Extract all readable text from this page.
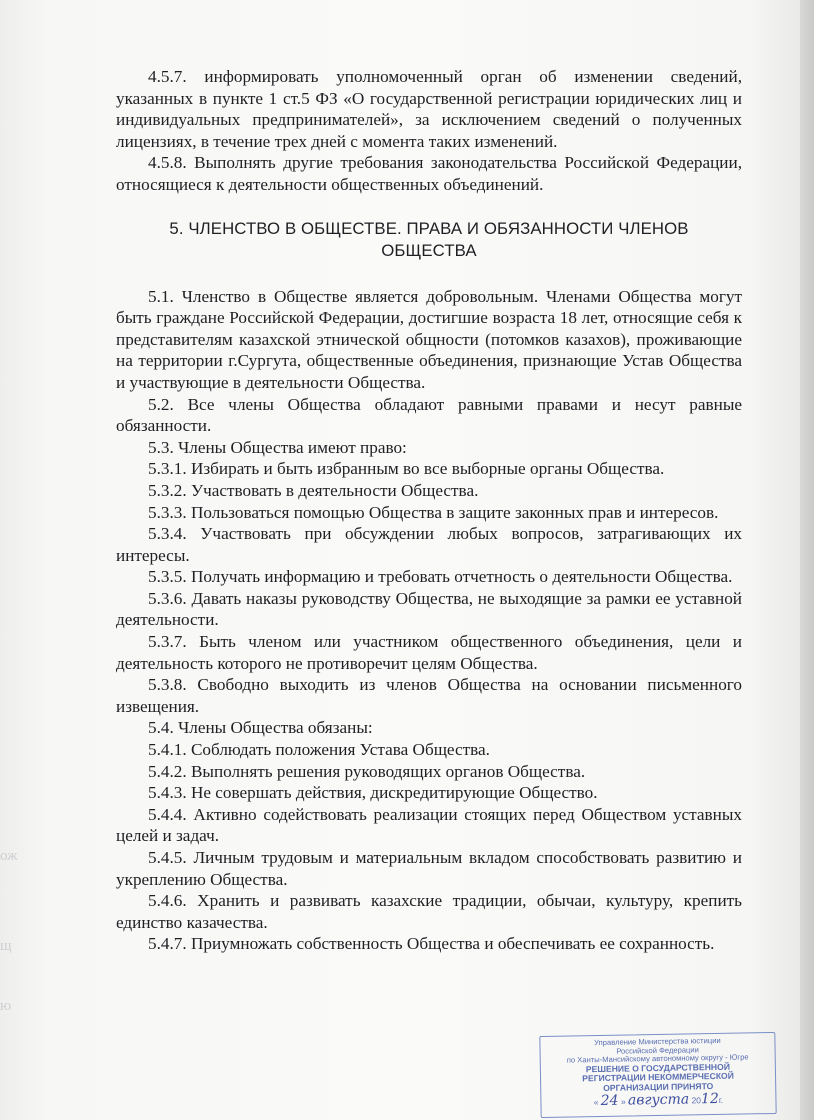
ож
щ
ю

4.5.7. информировать уполномоченный орган об изменении сведений, указанных в пункте 1 ст.5 ФЗ «О государственной регистрации юридических лиц и индивидуальных предпринимателей», за исключением сведений о полученных лицензиях, в течение трех дней с момента таких изменений.

4.5.8. Выполнять другие требования законодательства Российской Федерации, относящиеся к деятельности общественных объединений.

5. ЧЛЕНСТВО В ОБЩЕСТВЕ. ПРАВА И ОБЯЗАННОСТИ ЧЛЕНОВ
ОБЩЕСТВА

5.1. Членство в Обществе является добровольным. Членами Общества могут быть граждане Российской Федерации, достигшие возраста 18 лет, относящие себя к представителям казахской этнической общности (потомков казахов), проживающие на территории г.Сургута, общественные объединения, признающие Устав Общества и участвующие в деятельности Общества.

5.2. Все члены Общества обладают равными правами и несут равные обязанности.

5.3. Члены Общества имеют право:

5.3.1. Избирать и быть избранным во все выборные органы Общества.

5.3.2. Участвовать в деятельности Общества.

5.3.3. Пользоваться помощью Общества в защите законных прав и интересов.

5.3.4. Участвовать при обсуждении любых вопросов, затрагивающих их интересы.

5.3.5. Получать информацию и требовать отчетность о деятельности Общества.

5.3.6. Давать наказы руководству Общества, не выходящие за рамки ее уставной деятельности.

5.3.7. Быть членом или участником общественного объединения, цели и деятельность которого не противоречит целям Общества.

5.3.8. Свободно выходить из членов Общества на основании письменного извещения.

5.4. Члены Общества обязаны:

5.4.1. Соблюдать положения Устава Общества.

5.4.2. Выполнять решения руководящих органов Общества.

5.4.3. Не совершать действия, дискредитирующие Общество.

5.4.4. Активно содействовать реализации стоящих перед Обществом уставных целей и задач.

5.4.5. Личным трудовым и материальным вкладом способствовать развитию и укреплению Общества.

5.4.6. Хранить и развивать казахские традиции, обычаи, культуру, крепить единство казачества.

5.4.7. Приумножать собственность Общества и обеспечивать ее сохранность.

Управление Министерства юстиции
Российской Федерации
по Ханты-Мансийскому автономному округу - Югре
РЕШЕНИЕ О ГОСУДАРСТВЕННОЙ
РЕГИСТРАЦИИ НЕКОММЕРЧЕСКОЙ
ОРГАНИЗАЦИИ ПРИНЯТО
« 24 » августа 2012г.
